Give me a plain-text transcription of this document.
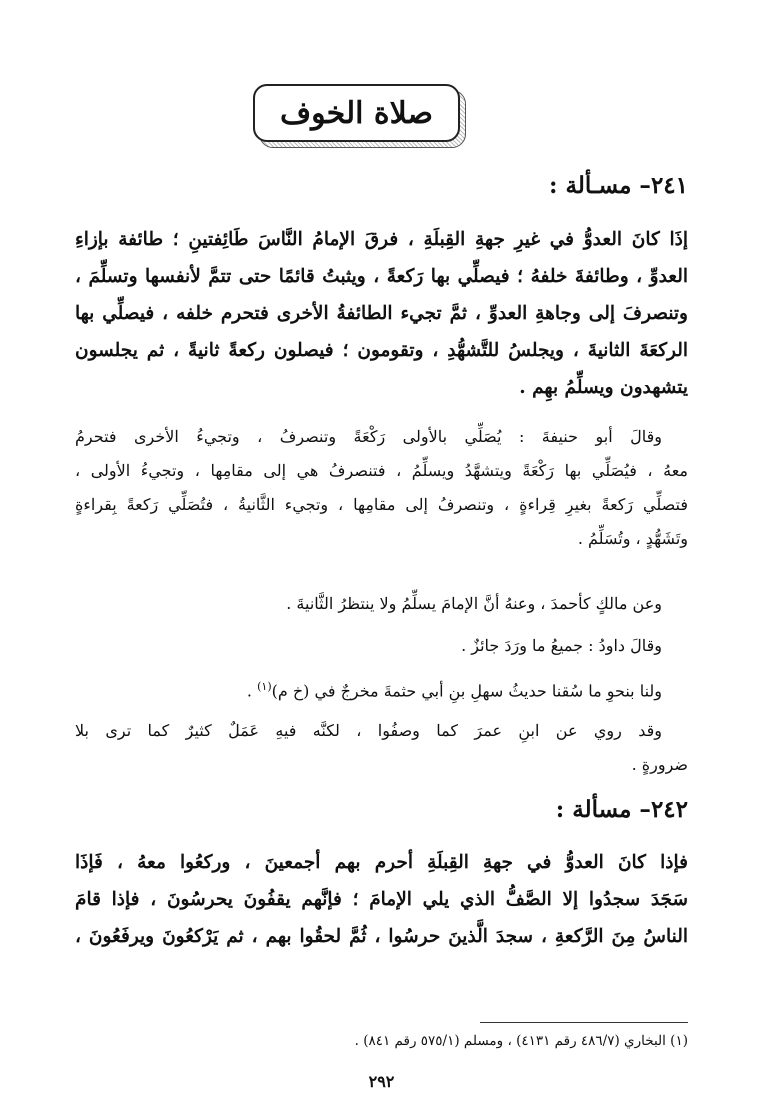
صلاة الخوف
٢٤١– مسـألة :
إذَا كانَ العدوُّ في غيرِ جهةِ القِبلَةِ ، فرقَ الإمامُ النَّاسَ طَائِفتينِ ؛ طائفة بإزاءِ
العدوِّ ، وطائفةَ خلفهُ ؛ فيصلِّي بها رَكعةً ، ويثبتُ قائمًا حتى تتمَّ لأنفسها وتسلِّمَ ،
وتنصرفَ إلى وجاهةِ العدوِّ ، ثمَّ تجيء الطائفةُ الأخرى فتحرم خلفه ، فيصلِّي بها
الركعَةَ الثانيةَ ، ويجلسُ للتَّشهُّدِ ، وتقومون ؛ فيصلون ركعةً ثانيةً ، ثم يجلسون
يتشهدون ويسلِّمُ بهِم .
وقالَ أبو حنيفةَ : يُصَلِّي بالأولى رَكْعَةً وتنصرفُ ، وتجيءُ الأخرى فتحرمُ
معهُ ، فيُصَلِّي بها رَكْعَةً ويتشهَّدُ ويسلِّمُ ، فتنصرفُ هي إلى مقامِها ، وتجيءُ الأولى ،
فتصلِّي رَكعةً بغيرِ قِراءةٍ ، وتنصرفُ إلى مقامِها ، وتجيء الثَّانيةُ ، فتُصَلِّي رَكعةً بِقراءةٍ
وتَشَهُّدٍ ، وتُسَلِّمُ .
وعن مالكٍ كأحمدَ ، وعنهُ أنَّ الإمامَ يسلِّمُ ولا ينتظرُ الثَّانيةَ .
وقالَ داودُ : جميعُ ما ورَدَ جائزٌ .
ولنا بنحوِ ما سُقنا حديثُ سهلِ بنِ أبي حثمةَ مخرجٌ في (خ م)$^{(١)}$ .
وقد روي عن ابنِ عمرَ كما وصفُوا ، لكنَّه فيهِ عَمَلٌ كثيرٌ كما ترى بلا
ضرورةٍ .
٢٤٢– مسألة :
فإذا كانَ العدوُّ في جهةِ القِبلَةِ أحرم بهم أجمعينَ ، وركعُوا معهُ ، فَإذَا
سَجَدَ سجدُوا إلا الصَّفُّ الذي يلي الإمامَ ؛ فإنَّهم يقفُونَ يحرسُونَ ، فإذا قامَ
الناسُ مِنَ الرَّكعةِ ، سجدَ الَّذينَ حرسُوا ، ثُمَّ لحقُوا بهم ، ثم يَرْكعُونَ ويرفَعُونَ ،
(١) البخاري (٤٨٦/٧ رقم ٤١٣١) ، ومسلم (٥٧٥/١ رقم ٨٤١) .
٢٩٢
